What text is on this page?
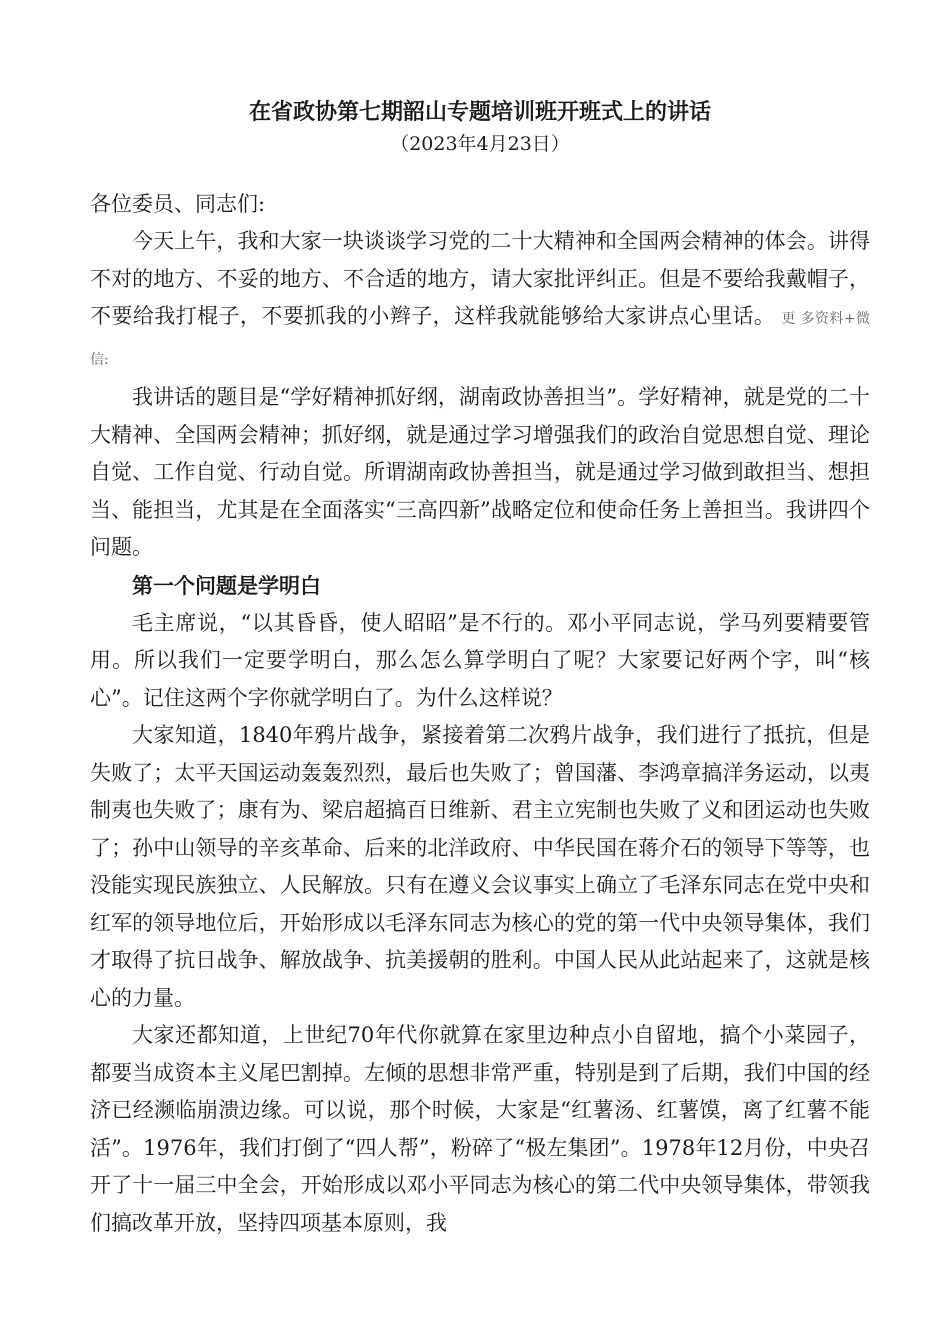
在省政协第七期韶山专题培训班开班式上的讲话

（2023年4月23日）

各位委员、同志们:

今天上午，我和大家一块谈谈学习党的二十大精神和全国两会精神的体会。讲得不对的地方、不妥的地方、不合适的地方，请大家批评纠正。但是不要给我戴帽子，不要给我打棍子，不要抓我的小辫子，这样我就能够给大家讲点心里话。 更 多资料+微信:

我讲话的题目是“学好精神抓好纲，湖南政协善担当”。学好精神，就是党的二十大精神、全国两会精神；抓好纲，就是通过学习增强我们的政治自觉思想自觉、理论自觉、工作自觉、行动自觉。所谓湖南政协善担当，就是通过学习做到敢担当、想担当、能担当，尤其是在全面落实“三高四新”战略定位和使命任务上善担当。我讲四个问题。

第一个问题是学明白

毛主席说，“以其昏昏，使人昭昭”是不行的。邓小平同志说，学马列要精要管用。所以我们一定要学明白，那么怎么算学明白了呢？大家要记好两个字，叫“核心”。记住这两个字你就学明白了。为什么这样说？

大家知道，1840年鸦片战争，紧接着第二次鸦片战争，我们进行了抵抗，但是失败了；太平天国运动轰轰烈烈，最后也失败了；曾国藩、李鸿章搞洋务运动，以夷制夷也失败了；康有为、梁启超搞百日维新、君主立宪制也失败了义和团运动也失败了；孙中山领导的辛亥革命、后来的北洋政府、中华民国在蒋介石的领导下等等，也没能实现民族独立、人民解放。只有在遵义会议事实上确立了毛泽东同志在党中央和红军的领导地位后，开始形成以毛泽东同志为核心的党的第一代中央领导集体，我们才取得了抗日战争、解放战争、抗美援朝的胜利。中国人民从此站起来了，这就是核心的力量。

大家还都知道，上世纪70年代你就算在家里边种点小自留地，搞个小菜园子，都要当成资本主义尾巴割掉。左倾的思想非常严重，特别是到了后期，我们中国的经济已经濒临崩溃边缘。可以说，那个时候，大家是“红薯汤、红薯馍，离了红薯不能活”。1976年，我们打倒了“四人帮”，粉碎了“极左集团”。1978年12月份，中央召开了十一届三中全会，开始形成以邓小平同志为核心的第二代中央领导集体，带领我们搞改革开放，坚持四项基本原则，我
